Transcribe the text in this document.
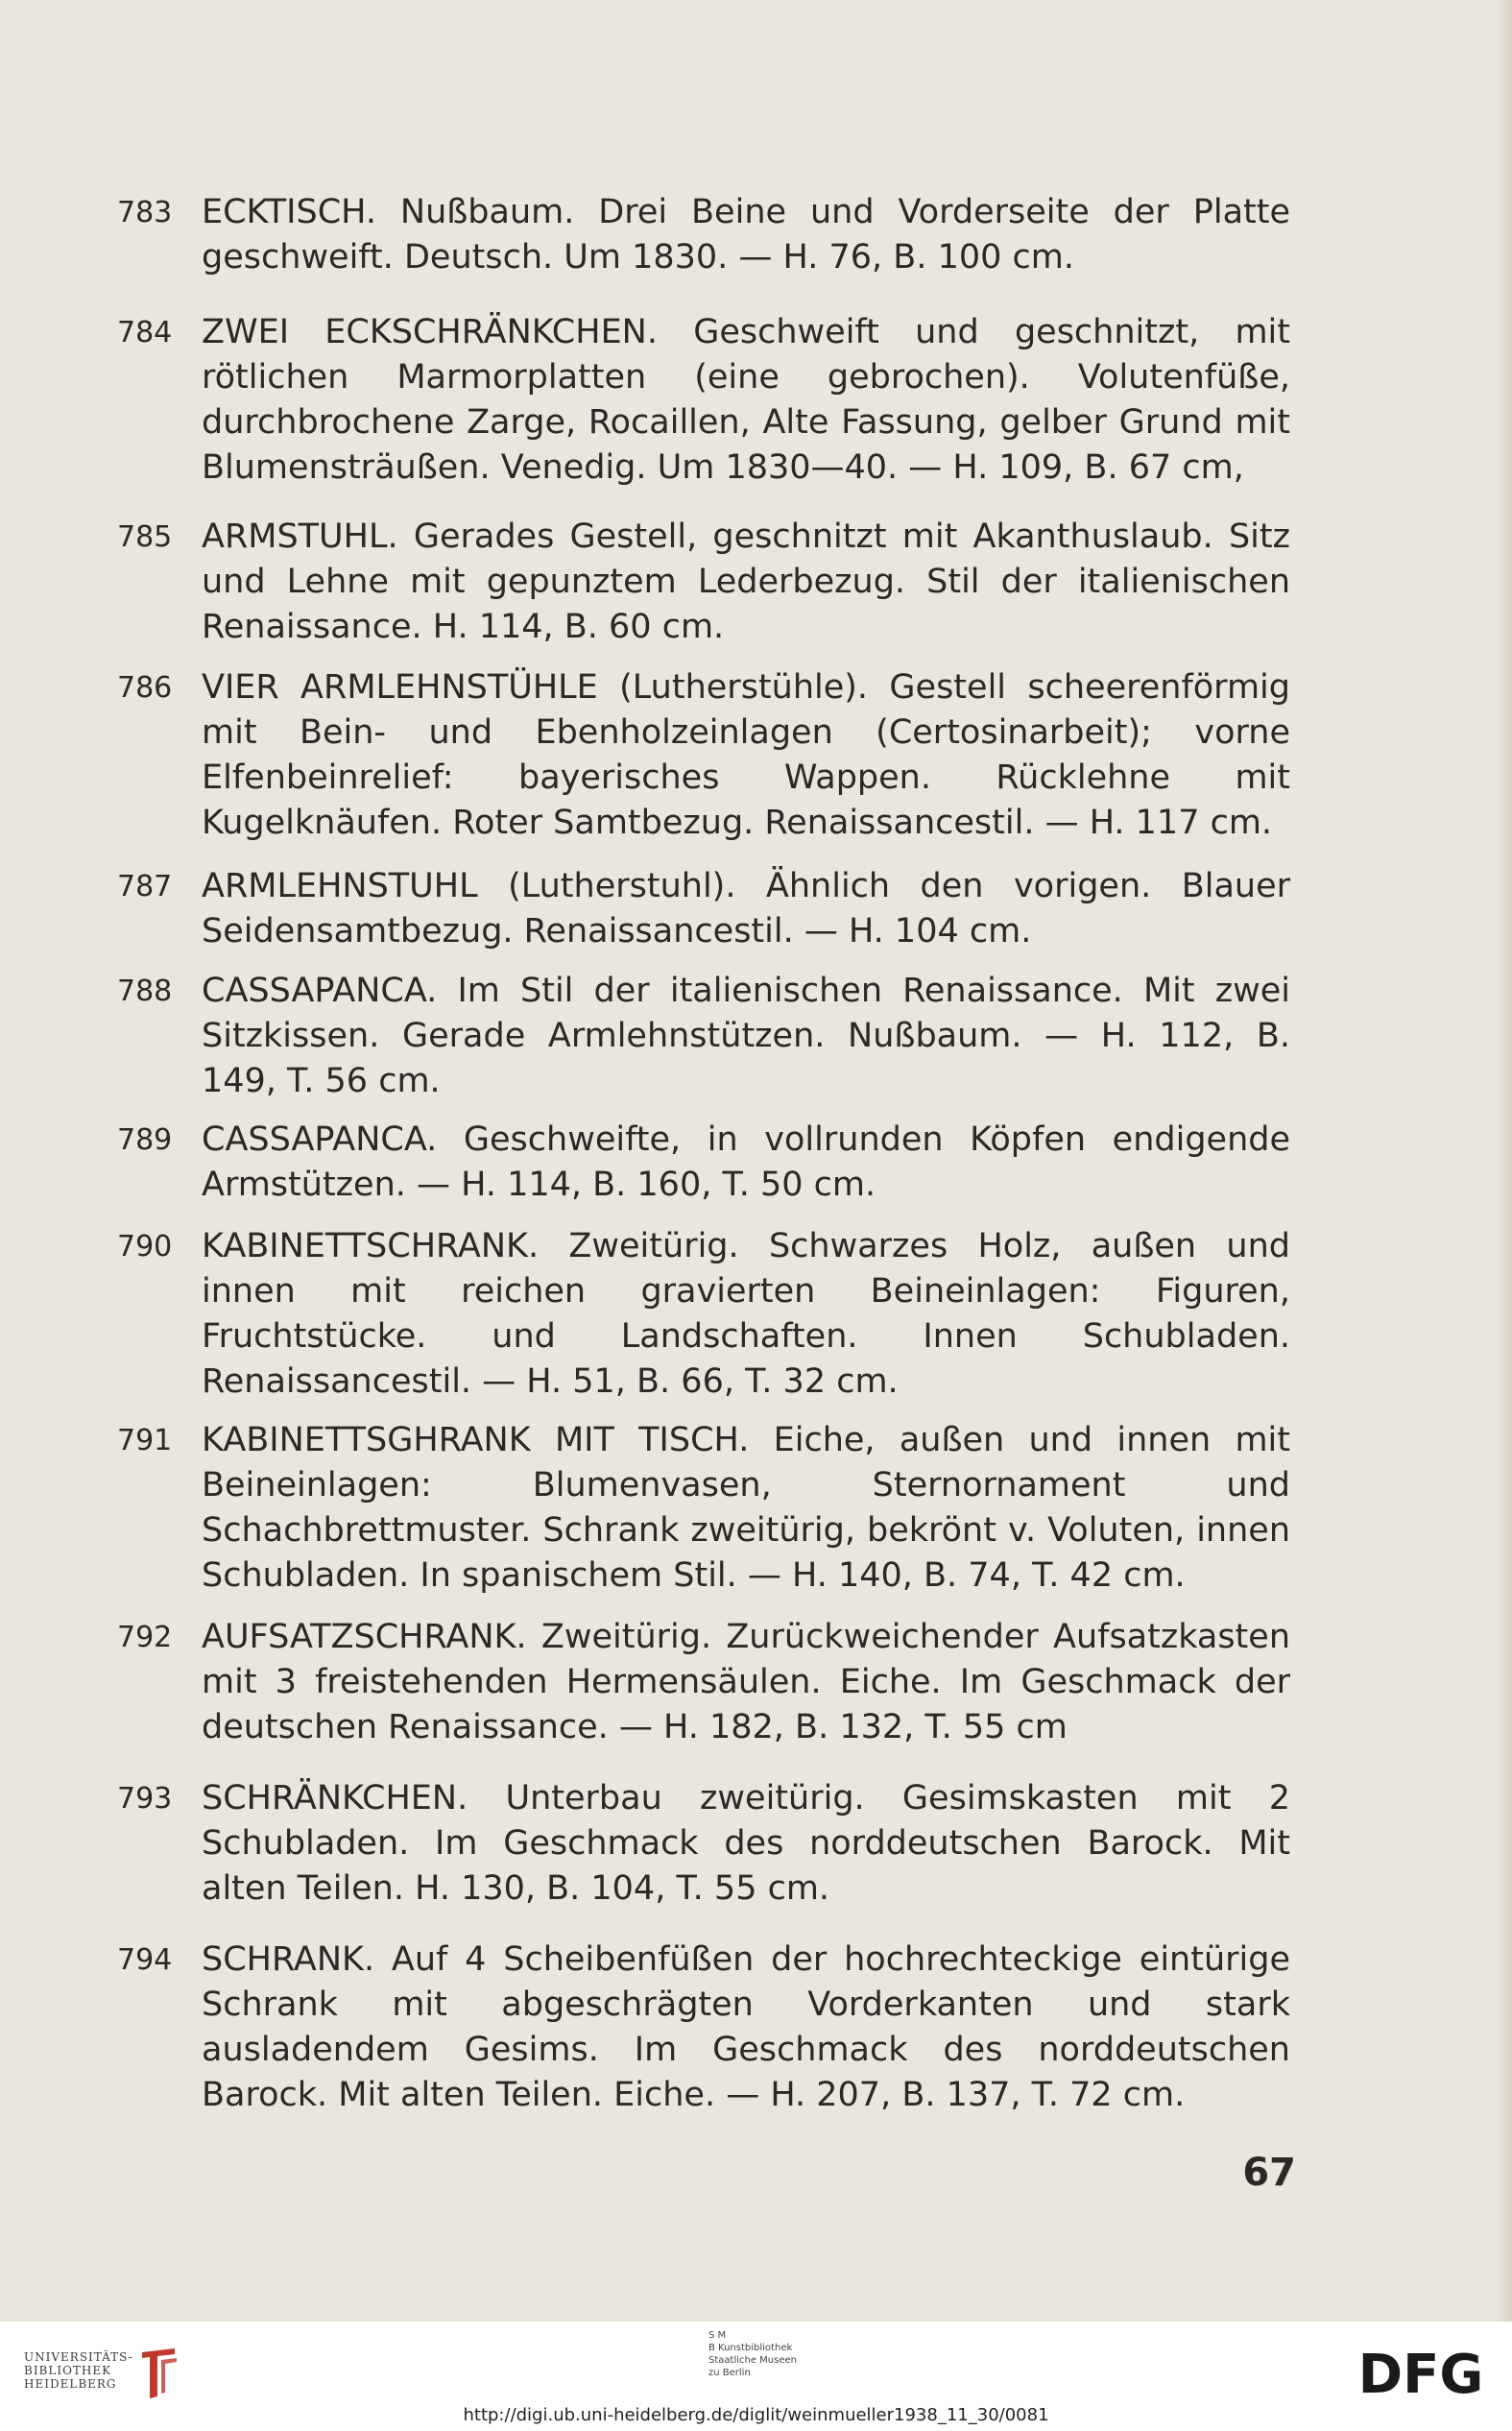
783 ECKTISCH. Nußbaum. Drei Beine und Vorderseite der Platte geschweift. Deutsch. Um 1830. — H. 76, B. 100 cm.
784 ZWEI ECKSCHRÄNKCHEN. Geschweift und geschnitzt, mit rötlichen Marmorplatten (eine gebrochen). Volutenfüße, durchbrochene Zarge, Rocaillen, Alte Fassung, gelber Grund mit Blumensträußen. Venedig. Um 1830—40. — H. 109, B. 67 cm,
785 ARMSTUHL. Gerades Gestell, geschnitzt mit Akanthuslaub. Sitz und Lehne mit gepunztem Lederbezug. Stil der italienischen Renaissance. H. 114, B. 60 cm.
786 VIER ARMLEHNSTÜHLE (Lutherstühle). Gestell scheerenförmig mit Bein- und Ebenholzeinlagen (Certosinarbeit); vorne Elfenbeinrelief: bayerisches Wappen. Rücklehne mit Kugelknäufen. Roter Samtbezug. Renaissancestil. — H. 117 cm.
787 ARMLEHNSTUHL (Lutherstuhl). Ähnlich den vorigen. Blauer Seidensamtbezug. Renaissancestil. — H. 104 cm.
788 CASSAPANCA. Im Stil der italienischen Renaissance. Mit zwei Sitzkissen. Gerade Armlehnstützen. Nußbaum. — H. 112, B. 149, T. 56 cm.
789 CASSAPANCA. Geschweifte, in vollrunden Köpfen endigende Armstützen. — H. 114, B. 160, T. 50 cm.
790 KABINETTSCHRANK. Zweitürig. Schwarzes Holz, außen und innen mit reichen gravierten Beineinlagen: Figuren, Fruchtstücke. und Landschaften. Innen Schubladen. Renaissancestil. — H. 51, B. 66, T. 32 cm.
791 KABINETTSGHRANK MIT TISCH. Eiche, außen und innen mit Beineinlagen: Blumenvasen, Sternornament und Schachbrettmuster. Schrank zweitürig, bekrönt v. Voluten, innen Schubladen. In spanischem Stil. — H. 140, B. 74, T. 42 cm.
792 AUFSATZSCHRANK. Zweitürig. Zurückweichender Aufsatzkasten mit 3 freistehenden Hermensäulen. Eiche. Im Geschmack der deutschen Renaissance. — H. 182, B. 132, T. 55 cm
793 SCHRÄNKCHEN. Unterbau zweitürig. Gesimskasten mit 2 Schubladen. Im Geschmack des norddeutschen Barock. Mit alten Teilen. H. 130, B. 104, T. 55 cm.
794 SCHRANK. Auf 4 Scheibenfüßen der hochrechteckige eintürige Schrank mit abgeschrägten Vorderkanten und stark ausladendem Gesims. Im Geschmack des norddeutschen Barock. Mit alten Teilen. Eiche. — H. 207, B. 137, T. 72 cm.
67
UNIVERSITÄTS-
BIBLIOTHEK
HEIDELBERG
S M
B Kunstbibliothek
Staatliche Museen
zu Berlin	DFG
http://digi.ub.uni-heidelberg.de/diglit/weinmueller1938_11_30/0081
